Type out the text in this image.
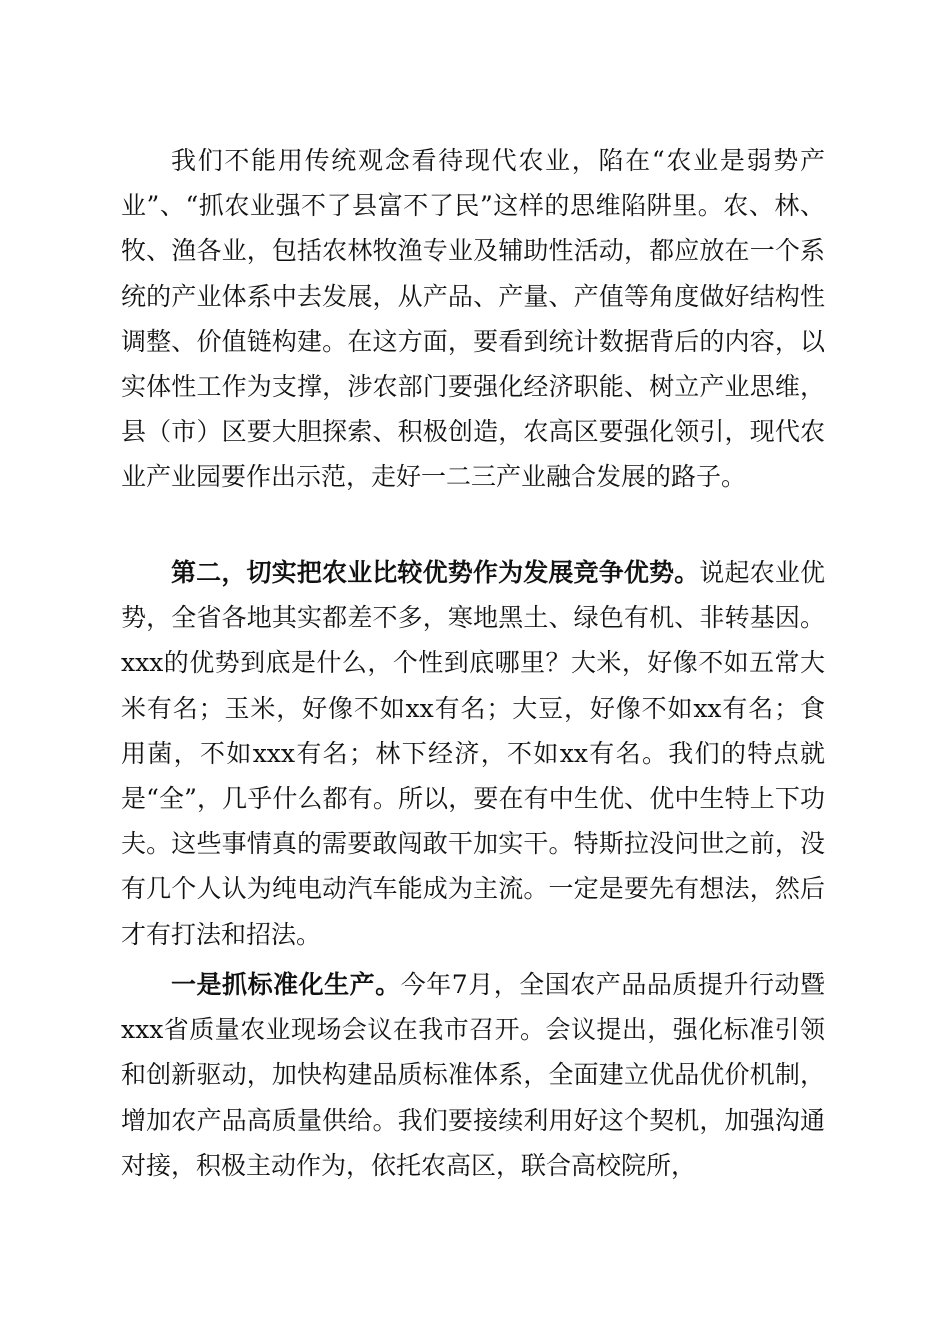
我们不能用传统观念看待现代农业，陷在“农业是弱势产业”、“抓农业强不了县富不了民”这样的思维陷阱里。农、林、牧、渔各业，包括农林牧渔专业及辅助性活动，都应放在一个系统的产业体系中去发展，从产品、产量、产值等角度做好结构性调整、价值链构建。在这方面，要看到统计数据背后的内容，以实体性工作为支撑，涉农部门要强化经济职能、树立产业思维，县（市）区要大胆探索、积极创造，农高区要强化领引，现代农业产业园要作出示范，走好一二三产业融合发展的路子。

第二，切实把农业比较优势作为发展竞争优势。说起农业优势，全省各地其实都差不多，寒地黑土、绿色有机、非转基因。xxx的优势到底是什么，个性到底哪里？大米，好像不如五常大米有名；玉米，好像不如xx有名；大豆，好像不如xx有名；食用菌，不如xxx有名；林下经济，不如xx有名。我们的特点就是“全”，几乎什么都有。所以，要在有中生优、优中生特上下功夫。这些事情真的需要敢闯敢干加实干。特斯拉没问世之前，没有几个人认为纯电动汽车能成为主流。一定是要先有想法，然后才有打法和招法。

一是抓标准化生产。今年7月，全国农产品品质提升行动暨xxx省质量农业现场会议在我市召开。会议提出，强化标准引领和创新驱动，加快构建品质标准体系，全面建立优品优价机制，增加农产品高质量供给。我们要接续利用好这个契机，加强沟通对接，积极主动作为，依托农高区，联合高校院所，
